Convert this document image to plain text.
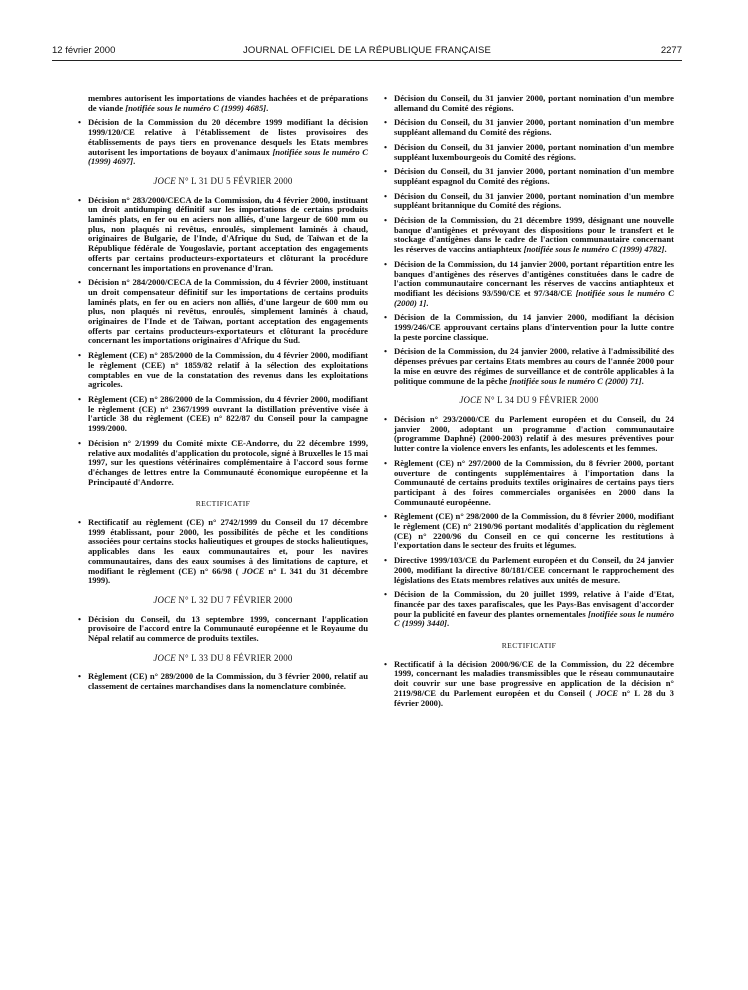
12 février 2000	JOURNAL OFFICIEL DE LA RÉPUBLIQUE FRANÇAISE	2277
membres autorisent les importations de viandes hachées et de préparations de viande [notifiée sous le numéro C (1999) 4685].
• Décision de la Commission du 20 décembre 1999 modifiant la décision 1999/120/CE relative à l'établissement de listes provisoires des établissements de pays tiers en provenance desquels les Etats membres autorisent les importations de boyaux d'animaux [notifiée sous le numéro C (1999) 4697].
JOCE N° L 31 DU 5 FÉVRIER 2000
• Décision n° 283/2000/CECA de la Commission, du 4 février 2000, instituant un droit antidumping définitif sur les importations de certains produits laminés plats, en fer ou en aciers non alliés, d'une largeur de 600 mm ou plus, non plaqués ni revêtus, enroulés, simplement laminés à chaud, originaires de Bulgarie, de l'Inde, d'Afrique du Sud, de Taïwan et de la République fédérale de Yougoslavie, portant acceptation des engagements offerts par certains producteurs-exportateurs et clôturant la procédure concernant les importations en provenance d'Iran.
• Décision n° 284/2000/CECA de la Commission, du 4 février 2000, instituant un droit compensateur définitif sur les importations de certains produits laminés plats, en fer ou en aciers non alliés, d'une largeur de 600 mm ou plus, non plaqués ni revêtus, enroulés, simplement laminés à chaud, originaires de l'Inde et de Taïwan, portant acceptation des engagements offerts par certains producteurs-exportateurs et clôturant la procédure concernant les importations originaires d'Afrique du Sud.
• Règlement (CE) n° 285/2000 de la Commission, du 4 février 2000, modifiant le règlement (CEE) n° 1859/82 relatif à la sélection des exploitations comptables en vue de la constatation des revenus dans les exploitations agricoles.
• Règlement (CE) n° 286/2000 de la Commission, du 4 février 2000, modifiant le règlement (CE) n° 2367/1999 ouvrant la distillation préventive visée à l'article 38 du règlement (CEE) n° 822/87 du Conseil pour la campagne 1999/2000.
• Décision n° 2/1999 du Comité mixte CE-Andorre, du 22 décembre 1999, relative aux modalités d'application du protocole, signé à Bruxelles le 15 mai 1997, sur les questions vétérinaires complémentaire à l'accord sous forme d'échanges de lettres entre la Communauté économique européenne et la Principauté d'Andorre.
RECTIFICATIF
• Rectificatif au règlement (CE) n° 2742/1999 du Conseil du 17 décembre 1999 établissant, pour 2000, les possibilités de pêche et les conditions associées pour certains stocks halieutiques et groupes de stocks halieutiques, applicables dans les eaux communautaires et, pour les navires communautaires, dans des eaux soumises à des limitations de capture, et modifiant le règlement (CE) n° 66/98 ( JOCE n° L 341 du 31 décembre 1999).
JOCE N° L 32 DU 7 FÉVRIER 2000
• Décision du Conseil, du 13 septembre 1999, concernant l'application provisoire de l'accord entre la Communauté européenne et le Royaume du Népal relatif au commerce de produits textiles.
JOCE N° L 33 DU 8 FÉVRIER 2000
• Règlement (CE) n° 289/2000 de la Commission, du 3 février 2000, relatif au classement de certaines marchandises dans la nomenclature combinée.
• Décision du Conseil, du 31 janvier 2000, portant nomination d'un membre allemand du Comité des régions.
• Décision du Conseil, du 31 janvier 2000, portant nomination d'un membre suppléant allemand du Comité des régions.
• Décision du Conseil, du 31 janvier 2000, portant nomination d'un membre suppléant luxembourgeois du Comité des régions.
• Décision du Conseil, du 31 janvier 2000, portant nomination d'un membre suppléant espagnol du Comité des régions.
• Décision du Conseil, du 31 janvier 2000, portant nomination d'un membre suppléant britannique du Comité des régions.
• Décision de la Commission, du 21 décembre 1999, désignant une nouvelle banque d'antigènes et prévoyant des dispositions pour le transfert et le stockage d'antigènes dans le cadre de l'action communautaire concernant les réserves de vaccins antiaphteux [notifiée sous le numéro C (1999) 4782].
• Décision de la Commission, du 14 janvier 2000, portant répartition entre les banques d'antigènes des réserves d'antigènes constituées dans le cadre de l'action communautaire concernant les réserves de vaccins antiaphteux et modifiant les décisions 93/590/CE et 97/348/CE [notifiée sous le numéro C (2000) 1].
• Décision de la Commission, du 14 janvier 2000, modifiant la décision 1999/246/CE approuvant certains plans d'intervention pour la lutte contre la peste porcine classique.
• Décision de la Commission, du 24 janvier 2000, relative à l'admissibilité des dépenses prévues par certains Etats membres au cours de l'année 2000 pour la mise en œuvre des régimes de surveillance et de contrôle applicables à la politique commune de la pêche [notifiée sous le numéro C (2000) 71].
JOCE N° L 34 DU 9 FÉVRIER 2000
• Décision n° 293/2000/CE du Parlement européen et du Conseil, du 24 janvier 2000, adoptant un programme d'action communautaire (programme Daphné) (2000-2003) relatif à des mesures préventives pour lutter contre la violence envers les enfants, les adolescents et les femmes.
• Règlement (CE) n° 297/2000 de la Commission, du 8 février 2000, portant ouverture de contingents supplémentaires à l'importation dans la Communauté de certains produits textiles originaires de certains pays tiers participant à des foires commerciales organisées en 2000 dans la Communauté européenne.
• Règlement (CE) n° 298/2000 de la Commission, du 8 février 2000, modifiant le règlement (CE) n° 2190/96 portant modalités d'application du règlement (CE) n° 2200/96 du Conseil en ce qui concerne les restitutions à l'exportation dans le secteur des fruits et légumes.
• Directive 1999/103/CE du Parlement européen et du Conseil, du 24 janvier 2000, modifiant la directive 80/181/CEE concernant le rapprochement des législations des Etats membres relatives aux unités de mesure.
• Décision de la Commission, du 20 juillet 1999, relative à l'aide d'Etat, financée par des taxes parafiscales, que les Pays-Bas envisagent d'accorder pour la publicité en faveur des plantes ornementales [notifiée sous le numéro C (1999) 3440].
RECTIFICATIF
• Rectificatif à la décision 2000/96/CE de la Commission, du 22 décembre 1999, concernant les maladies transmissibles que le réseau communautaire doit couvrir sur une base progressive en application de la décision n° 2119/98/CE du Parlement européen et du Conseil ( JOCE n° L 28 du 3 février 2000).
